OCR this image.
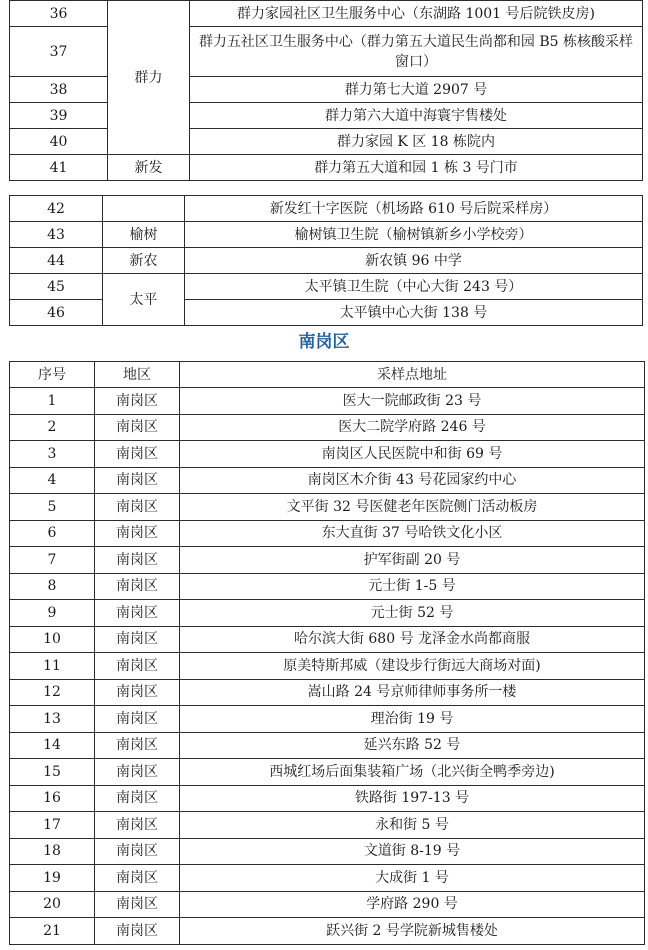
36	群力	群力家园社区卫生服务中心（东湖路 1001 号后院铁皮房)
37		群力五社区卫生服务中心（群力第五大道民生尚都和园 B5 栋核酸采样窗口）
38		群力第七大道 2907 号
39		群力第六大道中海寰宇售楼处
40		群力家园 K 区 18 栋院内
41	新发	群力第五大道和园 1 栋 3 号门市
42		新发红十字医院（机场路 610 号后院采样房）
43	榆树	榆树镇卫生院（榆树镇新乡小学校旁）
44	新农	新农镇 96 中学
45	太平	太平镇卫生院（中心大街 243 号）
46		太平镇中心大街 138 号
南岗区
序号	地区	采样点地址
1	南岗区	医大一院邮政街 23 号
2	南岗区	医大二院学府路 246 号
3	南岗区	南岗区人民医院中和街 69 号
4	南岗区	南岗区木介街 43 号花园家约中心
5	南岗区	文平街 32 号医健老年医院侧门活动板房
6	南岗区	东大直街 37 号哈铁文化小区
7	南岗区	护军街副 20 号
8	南岗区	元士街 1-5 号
9	南岗区	元士街 52 号
10	南岗区	哈尔滨大街 680 号 龙泽金水尚都商服
11	南岗区	原美特斯邦威（建设步行街远大商场对面)
12	南岗区	嵩山路 24 号京师律师事务所一楼
13	南岗区	理治街 19 号
14	南岗区	延兴东路 52 号
15	南岗区	西城红场后面集装箱广场（北兴街全鸭季旁边)
16	南岗区	铁路街 197-13 号
17	南岗区	永和街 5 号
18	南岗区	文道街 8-19 号
19	南岗区	大成街 1 号
20	南岗区	学府路 290 号
21	南岗区	跃兴街 2 号学院新城售楼处
